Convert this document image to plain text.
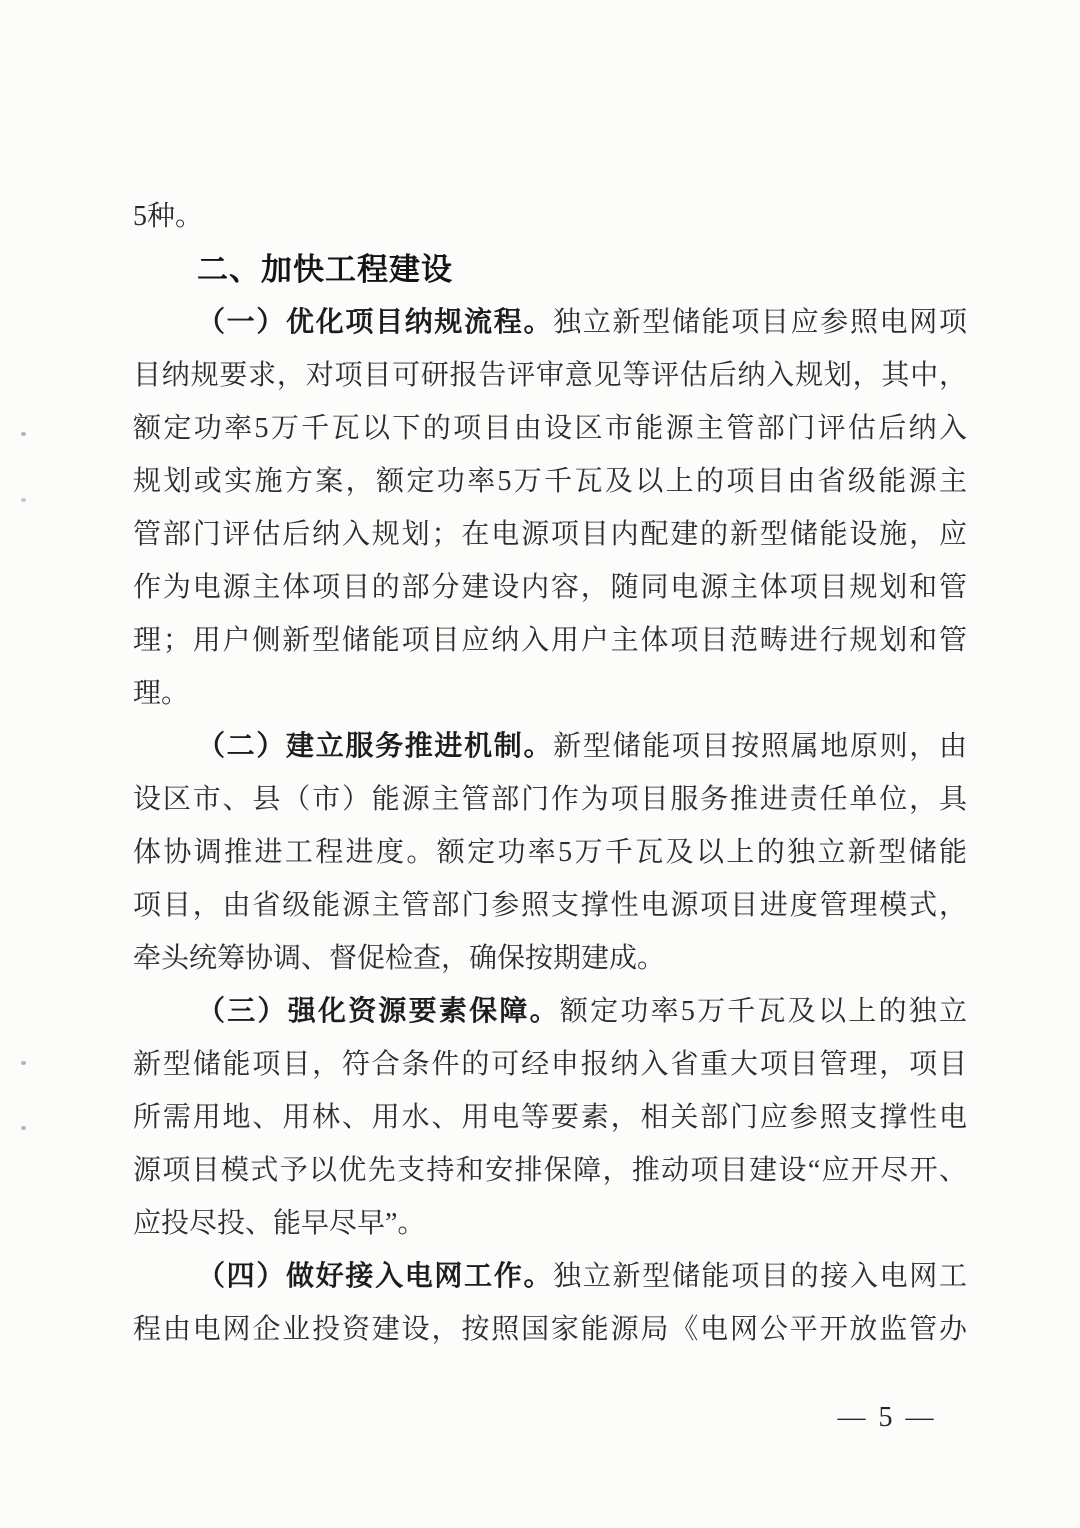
5种。
二、加快工程建设
（一）优化项目纳规流程。独立新型储能项目应参照电网项
目纳规要求，对项目可研报告评审意见等评估后纳入规划，其中，
额定功率5万千瓦以下的项目由设区市能源主管部门评估后纳入
规划或实施方案，额定功率5万千瓦及以上的项目由省级能源主
管部门评估后纳入规划；在电源项目内配建的新型储能设施，应
作为电源主体项目的部分建设内容，随同电源主体项目规划和管
理；用户侧新型储能项目应纳入用户主体项目范畴进行规划和管
理。
（二）建立服务推进机制。新型储能项目按照属地原则，由
设区市、县（市）能源主管部门作为项目服务推进责任单位，具
体协调推进工程进度。额定功率5万千瓦及以上的独立新型储能
项目，由省级能源主管部门参照支撑性电源项目进度管理模式，
牵头统筹协调、督促检查，确保按期建成。
（三）强化资源要素保障。额定功率5万千瓦及以上的独立
新型储能项目，符合条件的可经申报纳入省重大项目管理，项目
所需用地、用林、用水、用电等要素，相关部门应参照支撑性电
源项目模式予以优先支持和安排保障，推动项目建设“应开尽开、
应投尽投、能早尽早”。
（四）做好接入电网工作。独立新型储能项目的接入电网工
程由电网企业投资建设，按照国家能源局《电网公平开放监管办
— 5 —
